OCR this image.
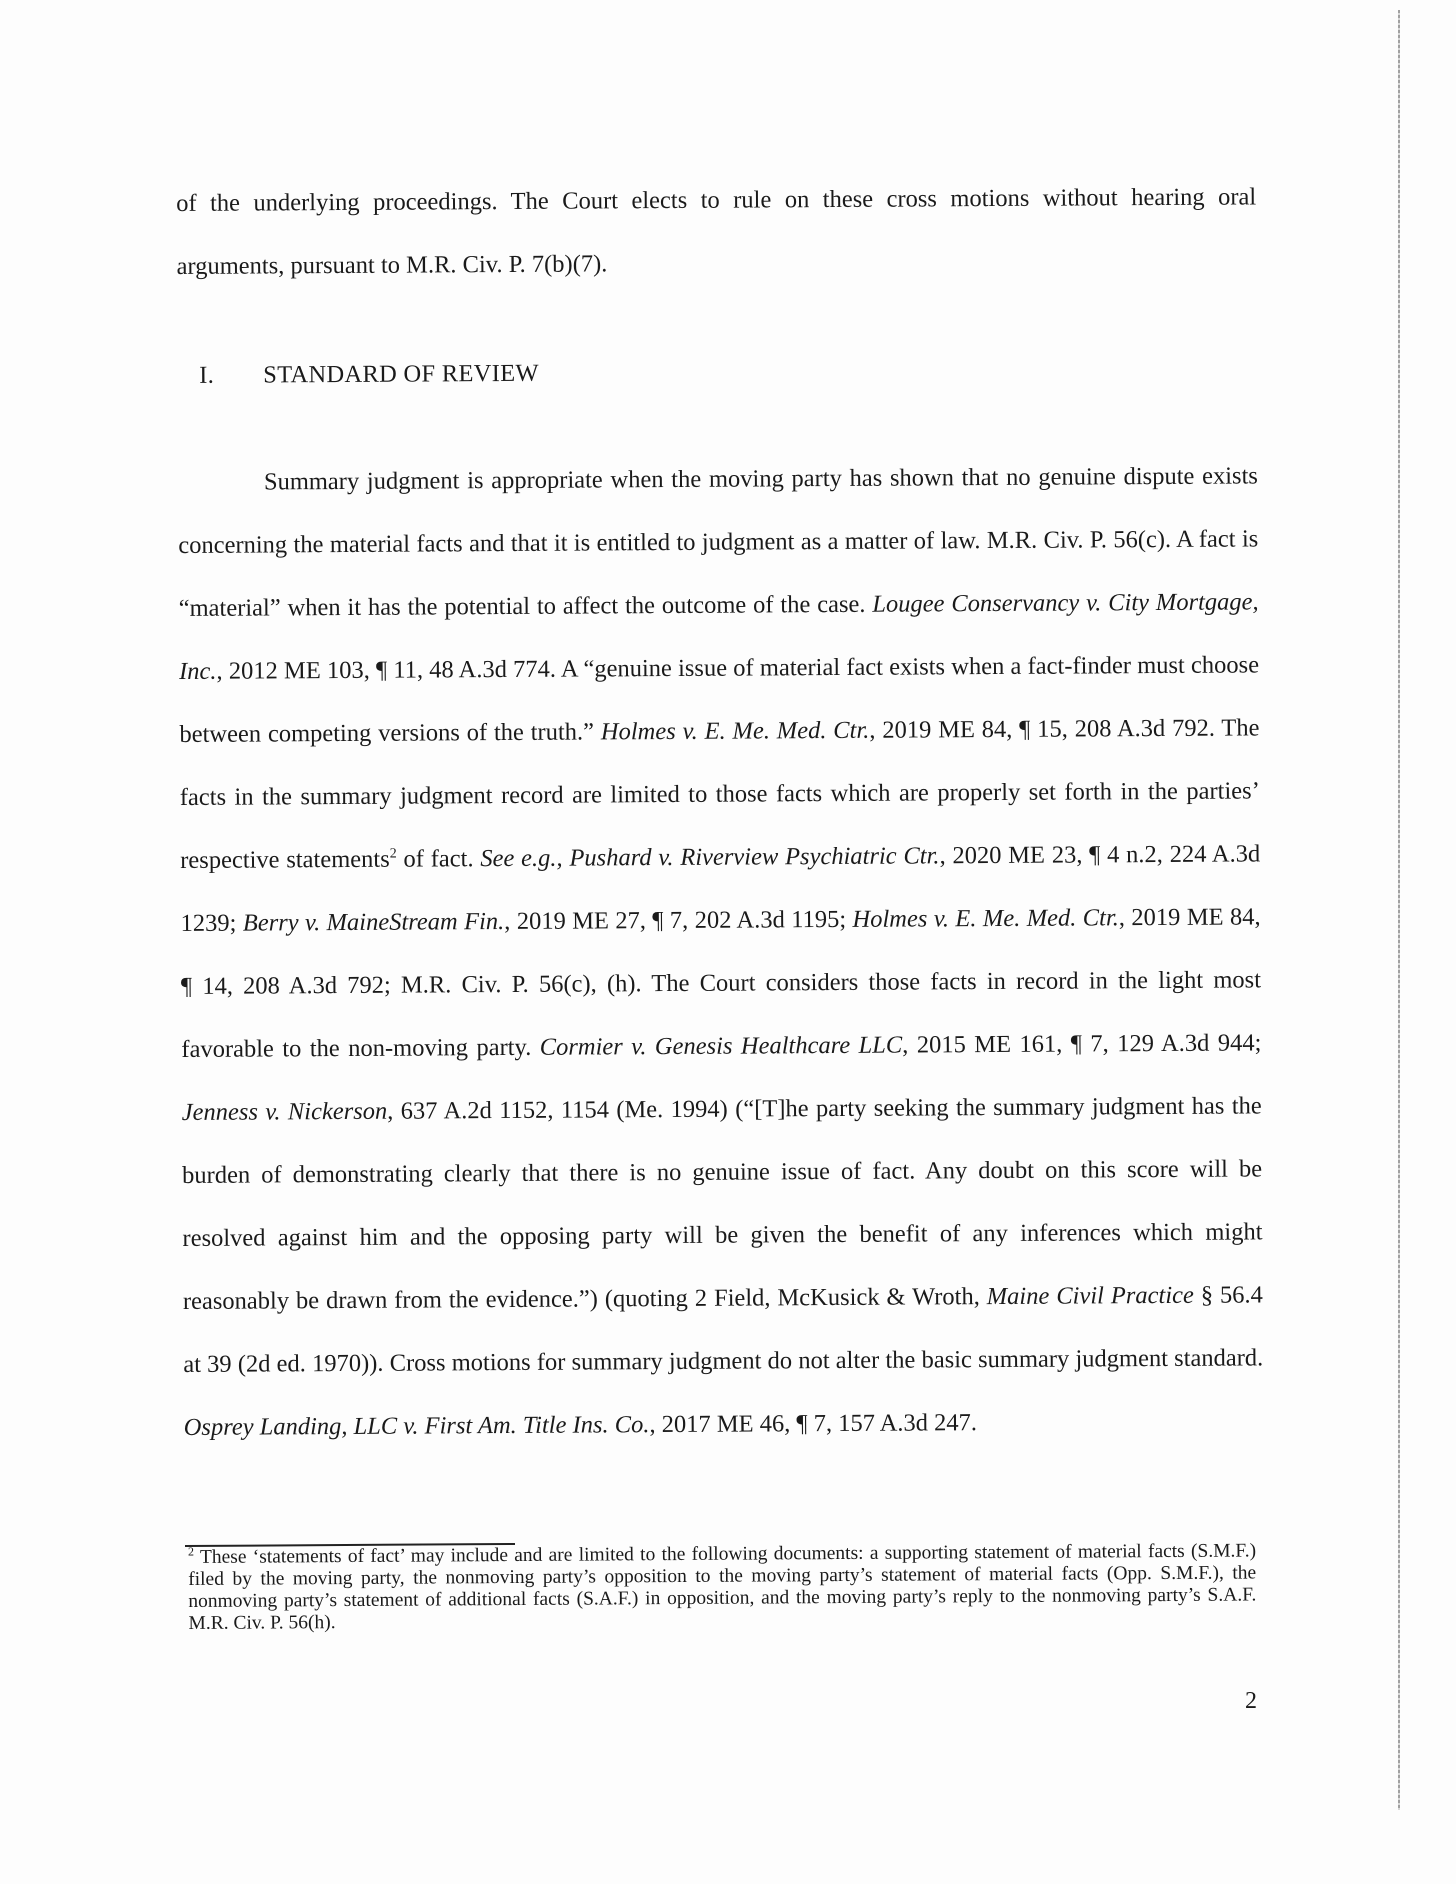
of the underlying proceedings. The Court elects to rule on these cross motions without hearing oral arguments, pursuant to M.R. Civ. P. 7(b)(7).

I. STANDARD OF REVIEW

Summary judgment is appropriate when the moving party has shown that no genuine dispute exists concerning the material facts and that it is entitled to judgment as a matter of law. M.R. Civ. P. 56(c). A fact is “material” when it has the potential to affect the outcome of the case. Lougee Conservancy v. City Mortgage, Inc., 2012 ME 103, ¶ 11, 48 A.3d 774. A “genuine issue of material fact exists when a fact-finder must choose between competing versions of the truth.” Holmes v. E. Me. Med. Ctr., 2019 ME 84, ¶ 15, 208 A.3d 792. The facts in the summary judgment record are limited to those facts which are properly set forth in the parties’ respective statements$^2$ of fact. See e.g., Pushard v. Riverview Psychiatric Ctr., 2020 ME 23, ¶ 4 n.2, 224 A.3d 1239; Berry v. MaineStream Fin., 2019 ME 27, ¶ 7, 202 A.3d 1195; Holmes v. E. Me. Med. Ctr., 2019 ME 84, ¶ 14, 208 A.3d 792; M.R. Civ. P. 56(c), (h). The Court considers those facts in record in the light most favorable to the non-moving party. Cormier v. Genesis Healthcare LLC, 2015 ME 161, ¶ 7, 129 A.3d 944; Jenness v. Nickerson, 637 A.2d 1152, 1154 (Me. 1994) (“[T]he party seeking the summary judgment has the burden of demonstrating clearly that there is no genuine issue of fact. Any doubt on this score will be resolved against him and the opposing party will be given the benefit of any inferences which might reasonably be drawn from the evidence.”) (quoting 2 Field, McKusick & Wroth, Maine Civil Practice § 56.4 at 39 (2d ed. 1970)). Cross motions for summary judgment do not alter the basic summary judgment standard. Osprey Landing, LLC v. First Am. Title Ins. Co., 2017 ME 46, ¶ 7, 157 A.3d 247.

$^2$ These ‘statements of fact’ may include and are limited to the following documents: a supporting statement of material facts (S.M.F.) filed by the moving party, the nonmoving party’s opposition to the moving party’s statement of material facts (Opp. S.M.F.), the nonmoving party’s statement of additional facts (S.A.F.) in opposition, and the moving party’s reply to the nonmoving party’s S.A.F. M.R. Civ. P. 56(h).
2
